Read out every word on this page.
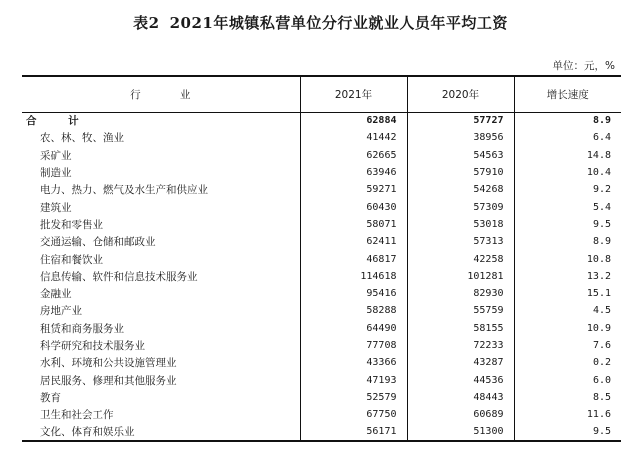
表2 2021年城镇私营单位分行业就业人员年平均工资
单位：元，%
行 业	2021年	2020年	增长速度
合 计	62884	57727	8.9
农、林、牧、渔业	41442	38956	6.4
采矿业	62665	54563	14.8
制造业	63946	57910	10.4
电力、热力、燃气及水生产和供应业	59271	54268	9.2
建筑业	60430	57309	5.4
批发和零售业	58071	53018	9.5
交通运输、仓储和邮政业	62411	57313	8.9
住宿和餐饮业	46817	42258	10.8
信息传输、软件和信息技术服务业	114618	101281	13.2
金融业	95416	82930	15.1
房地产业	58288	55759	4.5
租赁和商务服务业	64490	58155	10.9
科学研究和技术服务业	77708	72233	7.6
水利、环境和公共设施管理业	43366	43287	0.2
居民服务、修理和其他服务业	47193	44536	6.0
教育	52579	48443	8.5
卫生和社会工作	67750	60689	11.6
文化、体育和娱乐业	56171	51300	9.5
